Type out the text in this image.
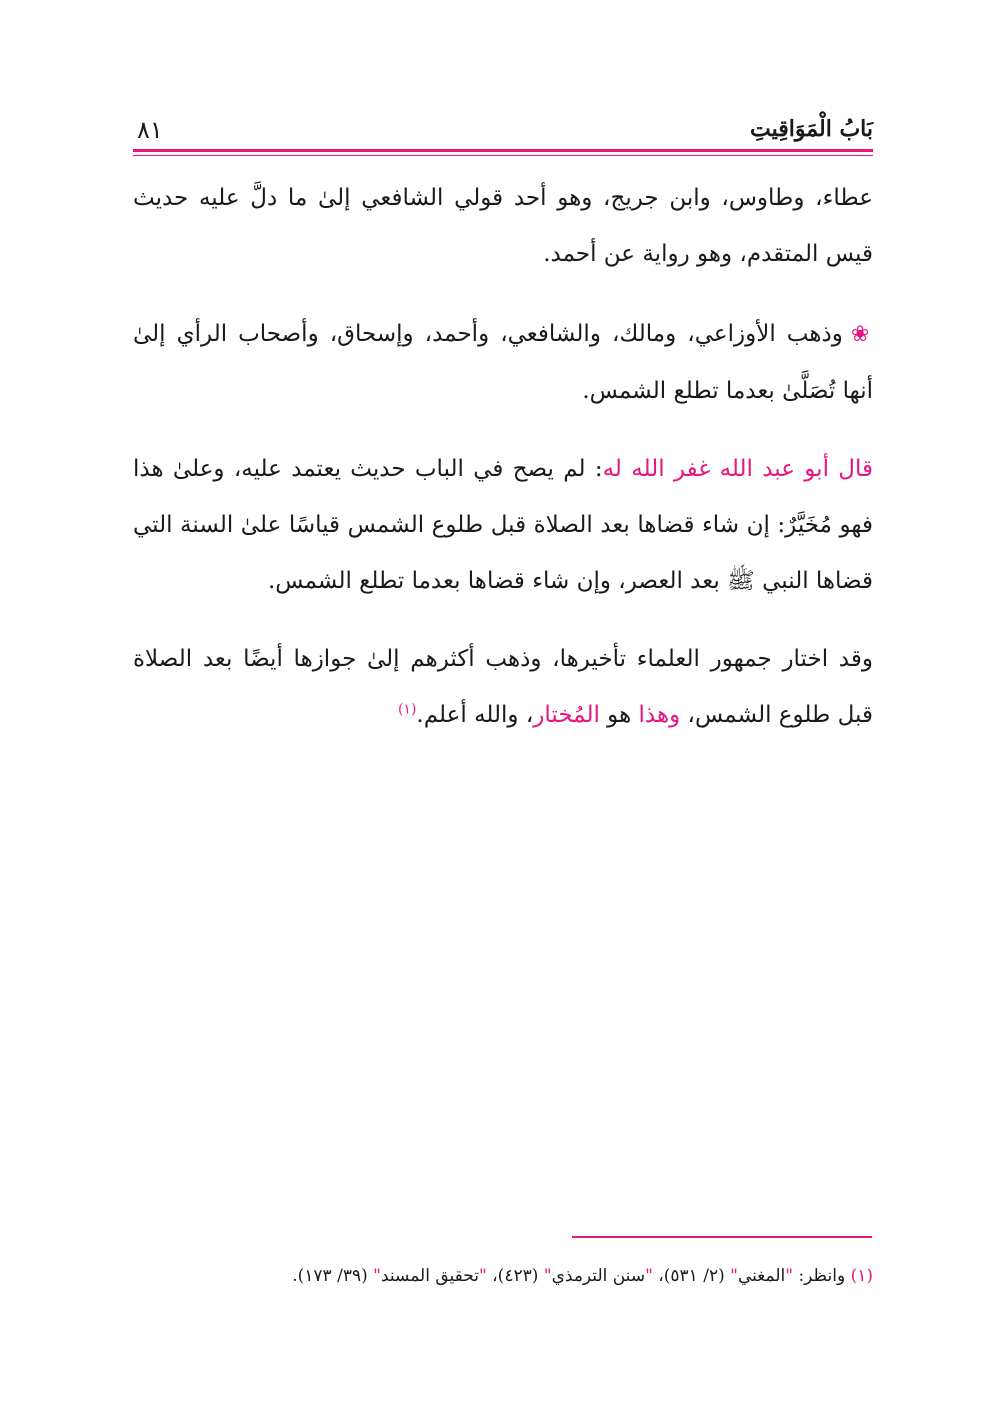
بَابُ الْمَوَاقِيتِ
٨١

عطاء، وطاوس، وابن جريج، وهو أحد قولي الشافعي إلىٰ ما دلَّ عليه حديث قيس المتقدم، وهو رواية عن أحمد.

❀وذهب الأوزاعي، ومالك، والشافعي، وأحمد، وإسحاق، وأصحاب الرأي إلىٰ أنها تُصَلَّىٰ بعدما تطلع الشمس.

قال أبو عبد الله غفر الله له: لم يصح في الباب حديث يعتمد عليه، وعلىٰ هذا فهو مُخَيَّرٌ: إن شاء قضاها بعد الصلاة قبل طلوع الشمس قياسًا علىٰ السنة التي قضاها النبي ﷺ بعد العصر، وإن شاء قضاها بعدما تطلع الشمس.

وقد اختار جمهور العلماء تأخيرها، وذهب أكثرهم إلىٰ جوازها أيضًا بعد الصلاة قبل طلوع الشمس، وهذا هو المُختار، والله أعلم.$^{(١)}$

(١) وانظر: "المغني" (٢/ ٥٣١)، "سنن الترمذي" (٤٢٣)، "تحقيق المسند" (٣٩/ ١٧٣).
